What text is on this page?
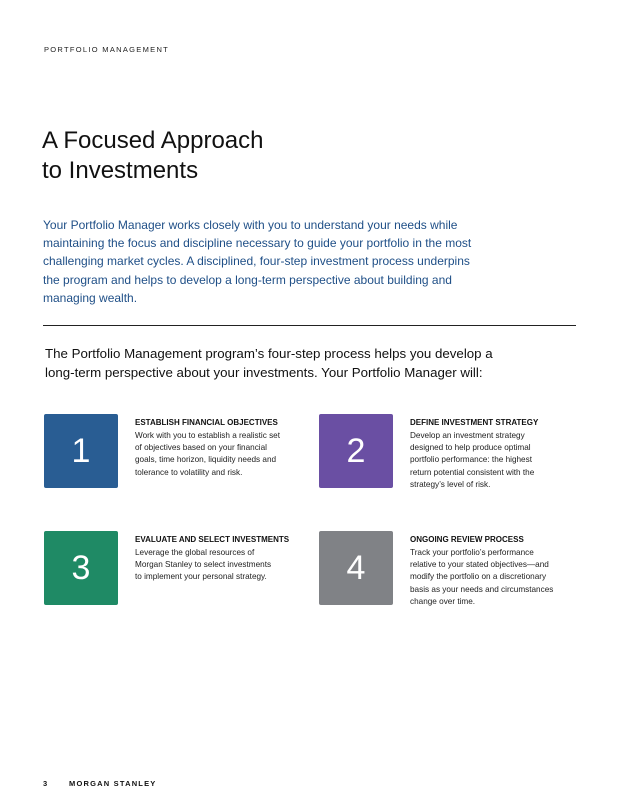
PORTFOLIO MANAGEMENT
A Focused Approach
to Investments

Your Portfolio Manager works closely with you to understand your needs while
maintaining the focus and discipline necessary to guide your portfolio in the most
challenging market cycles. A disciplined, four-step investment process underpins
the program and helps to develop a long-term perspective about building and
managing wealth.

The Portfolio Management program’s four-step process helps you develop a
long-term perspective about your investments. Your Portfolio Manager will:

1
ESTABLISH FINANCIAL OBJECTIVES

Work with you to establish a realistic set
of objectives based on your financial
goals, time horizon, liquidity needs and
tolerance to volatility and risk.

2
DEFINE INVESTMENT STRATEGY

Develop an investment strategy
designed to help produce optimal
portfolio performance: the highest
return potential consistent with the
strategy’s level of risk.

3
EVALUATE AND SELECT INVESTMENTS

Leverage the global resources of
Morgan Stanley to select investments
to implement your personal strategy.	4
ONGOING REVIEW PROCESS

Track your portfolio’s performance
relative to your stated objectives—and
modify the portfolio on a discretionary
basis as your needs and circumstances
change over time.

3	MORGAN STANLEY
